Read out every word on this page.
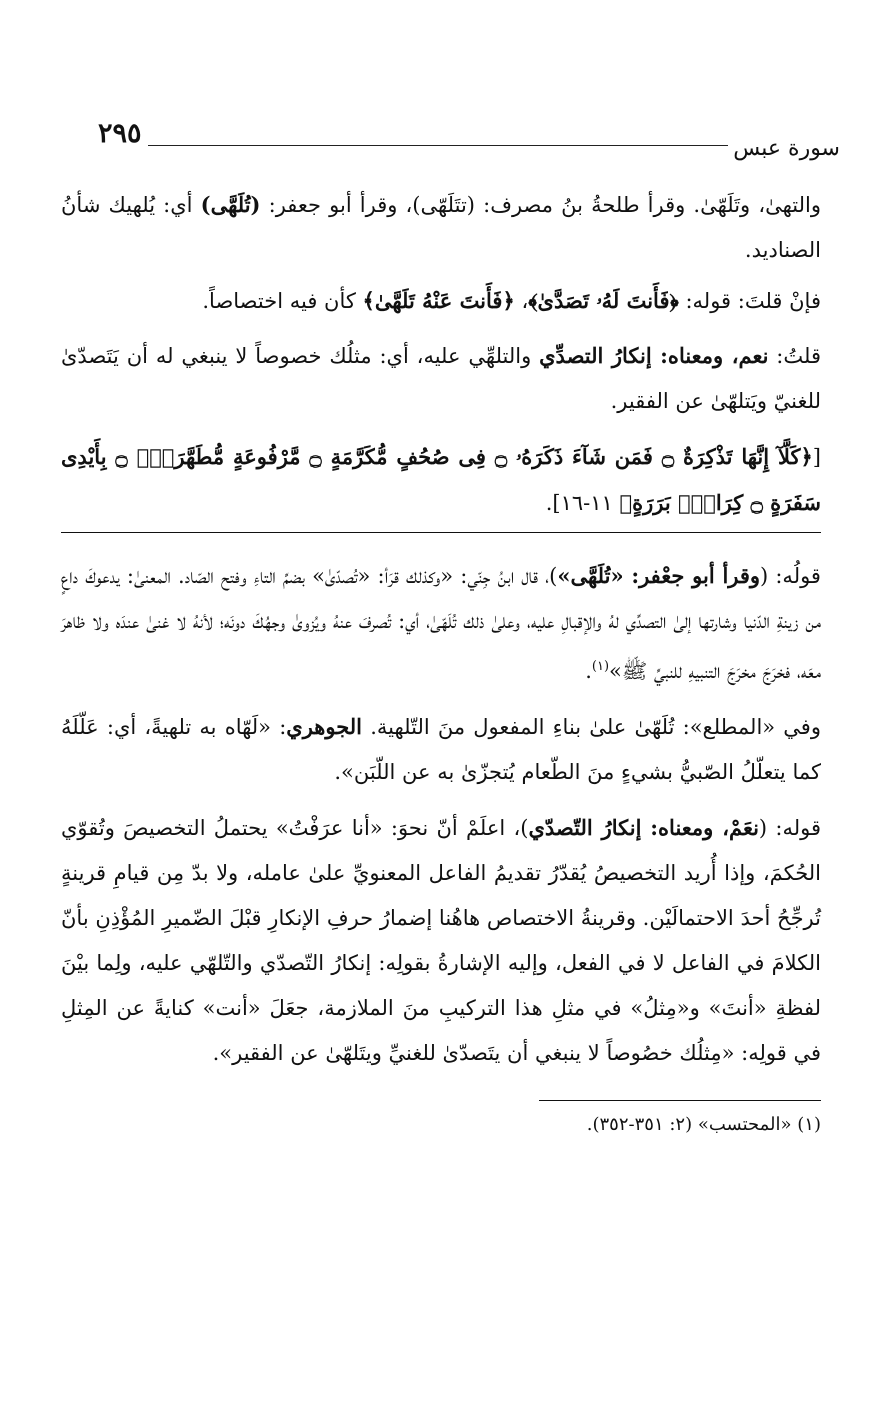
٢٩٥	سورة عبس

والتهىٰ، وتَلَهّىٰ. وقرأ طلحةُ بنُ مصرف: (تتَلَهّى)، وقرأ أبو جعفر: (تُلَهَّى) أي: يُلهيك شأنُ الصناديد.

فإنْ قلتَ: قوله: ﴿فَأَنتَ لَهُۥ تَصَدَّىٰ﴾، ﴿فَأَنتَ عَنْهُ تَلَهَّىٰ﴾ كأن فيه اختصاصاً.

قلتُ: نعم، ومعناه: إنكارُ التصدِّي والتلهِّي عليه، أي: مثلُك خصوصاً لا ينبغي له أن يَتَصدّىٰ للغنيّ ويَتلهّىٰ عن الفقير.

[﴿كَلَّآ إِنَّهَا تَذْكِرَةٌ ۝ فَمَن شَآءَ ذَكَرَهُۥ ۝ فِى صُحُفٍ مُّكَرَّمَةٍ ۝ مَّرْفُوعَةٍ مُّطَهَّرَةٍۭ ۝ بِأَيْدِى سَفَرَةٍ ۝ كِرَامٍۭ بَرَرَةٍ﴾ ١١-١٦].

قولُه: (وقرأ أبو جعْفر: «تُلَهَّى»)، قال ابنُ جِنّي: «وكذلك قرَأ: «تُصدّىٰ» بضمِّ التاءِ وفتح الصّاد. المعنىٰ: يدعوكَ داعٍ من زينةِ الدّنيا وشارتها إلىٰ التصدِّي لهُ والإقبالِ عليه، وعلىٰ ذلك تُلَهّىٰ، أي: تُصرفَ عنهُ ويُزوىٰ وجهُكَ دونَه؛ لأنهُ لا غنىٰ عندَه ولا ظاهرَ معَه، فخرَجَ مخرَجَ التنبيهِ للنبيِّ ﷺ»$^{(١)}$.

وفي «المطلع»: تُلَهّىٰ علىٰ بناءِ المفعول منَ التّلهية. الجوهري: «لَهّاه به تلهيةً، أي: عَلّلَهُ كما يتعلّلُ الصّبيُّ بشيءٍ منَ الطّعام يُتجزّىٰ به عن اللّبَن».

قوله: (نعَمْ، ومعناه: إنكارُ التّصدّي)، اعلَمْ أنّ نحوَ: «أنا عرَفْتُ» يحتملُ التخصيصَ وتُقوّي الحُكمَ، وإذا أُريد التخصيصُ يُقدّرُ تقديمُ الفاعل المعنويِّ علىٰ عامله، ولا بدّ مِن قيامِ قرينةٍ تُرجِّحُ أحدَ الاحتمالَيْن. وقرينةُ الاختصاص هاهُنا إضمارُ حرفِ الإنكارِ قبْلَ الضّميرِ المُؤْذِنِ بأنّ الكلامَ في الفاعل لا في الفعل، وإليه الإشارةُ بقولِه: إنكارُ التّصدّي والتّلهّي عليه، ولِما بيْنَ لفظةِ «أنتَ» و«مِثلُ» في مثلِ هذا التركيبِ منَ الملازمة، جعَلَ «أنت» كنايةً عن المِثلِ في قولِه: «مِثلُك خصُوصاً لا ينبغي أن يتَصدّىٰ للغنيِّ ويتَلهّىٰ عن الفقير».

(١) «المحتسب» (٢: ٣٥١-٣٥٢).
